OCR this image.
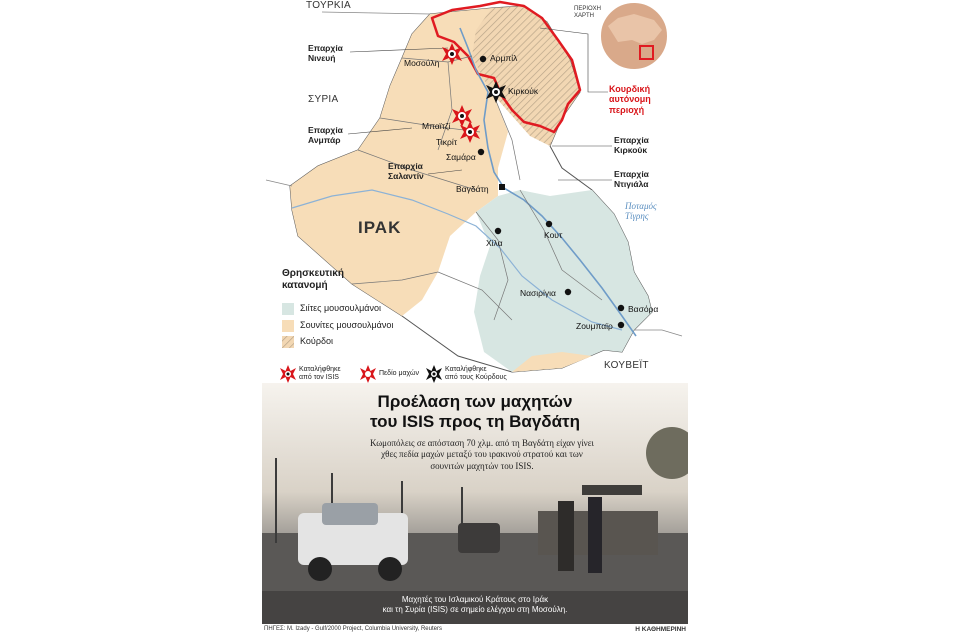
ΤΟΥΡΚΙΑ
ΣΥΡΙΑ
ΙΡΑΚ
ΚΟΥΒΕΪΤ
ΠΕΡΙΟΧΗ
ΧΑΡΤΗ
Κουρδική
αυτόνομη
περιοχή
Ποταμός
Τίγρης
Επαρχία
Νινευή
Επαρχία
Ανμπάρ
Επαρχία
Σαλαντίν
Επαρχία
Κιρκούκ
Επαρχία
Ντιγιάλα
Μοσούλη	Αρμπίλ
Κιρκούκ
Μπαϊτζί
Τικρίτ
Σαμάρα
Βαγδάτη
Κουτ
Χίλα
Νασιρίγια
Βασόρα
Ζουμπαϊρ
Θρησκευτική
κατανομή
Σιίτες μουσουλμάνοι
Σουνίτες μουσουλμάνοι
Κούρδοι
Καταλήφθηκε
από τον ISIS
Πεδίο μαχών
Καταλήφθηκε
από τους Κούρδους
Προέλαση των μαχητών
του ISIS προς τη Βαγδάτη
Κωμοπόλεις σε απόσταση 70 χλμ. από τη Βαγδάτη είχαν γίνει χθες πεδία μαχών μεταξύ του ιρακινού στρατού και των σουνιτών μαχητών του ISIS.
Μαχητές του Ισλαμικού Κράτους στο Ιράκ
και τη Συρία (ISIS) σε σημείο ελέγχου στη Μοσούλη.
ΠΗΓΕΣ: M. Izady - Gulf/2000 Project, Columbia University, Reuters	Η ΚΑΘΗΜΕΡΙΝΗ
